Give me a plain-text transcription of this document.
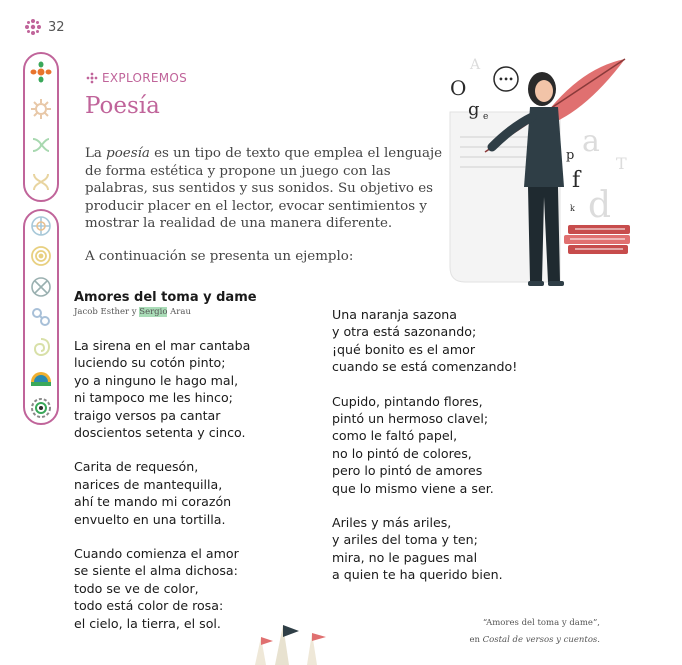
32
EXPLOREMOS
Poesía

La poesía es un tipo de texto que emplea el lenguaje de forma estética y propone un juego con las palabras, sus sentidos y sus sonidos. Su objetivo es producir placer en el lector, evocar sentimientos y mostrar la realidad de una manera diferente.

A continuación se presenta un ejemplo:

•••
O
g e
p a
f
d
k
T
A
Amores del toma y dame
Jacob Esther y Sergio Arau

La sirena en el mar cantaba
luciendo su cotón pinto;
yo a ninguno le hago mal,
ni tampoco me les hinco;
traigo versos pa cantar
doscientos setenta y cinco.

Carita de requesón,
narices de mantequilla,
ahí te mando mi corazón
envuelto en una tortilla.

Cuando comienza el amor
se siente el alma dichosa:
todo se ve de color,
todo está color de rosa:
el cielo, la tierra, el sol.

Una naranja sazona
y otra está sazonando;
¡qué bonito es el amor
cuando se está comenzando!

Cupido, pintando flores,
pintó un hermoso clavel;
como le faltó papel,
no lo pintó de colores,
pero lo pintó de amores
que lo mismo viene a ser.

Ariles y más ariles,
y ariles del toma y ten;
mira, no le pagues mal
a quien te ha querido bien.

“Amores del toma y dame”,
en Costal de versos y cuentos.
